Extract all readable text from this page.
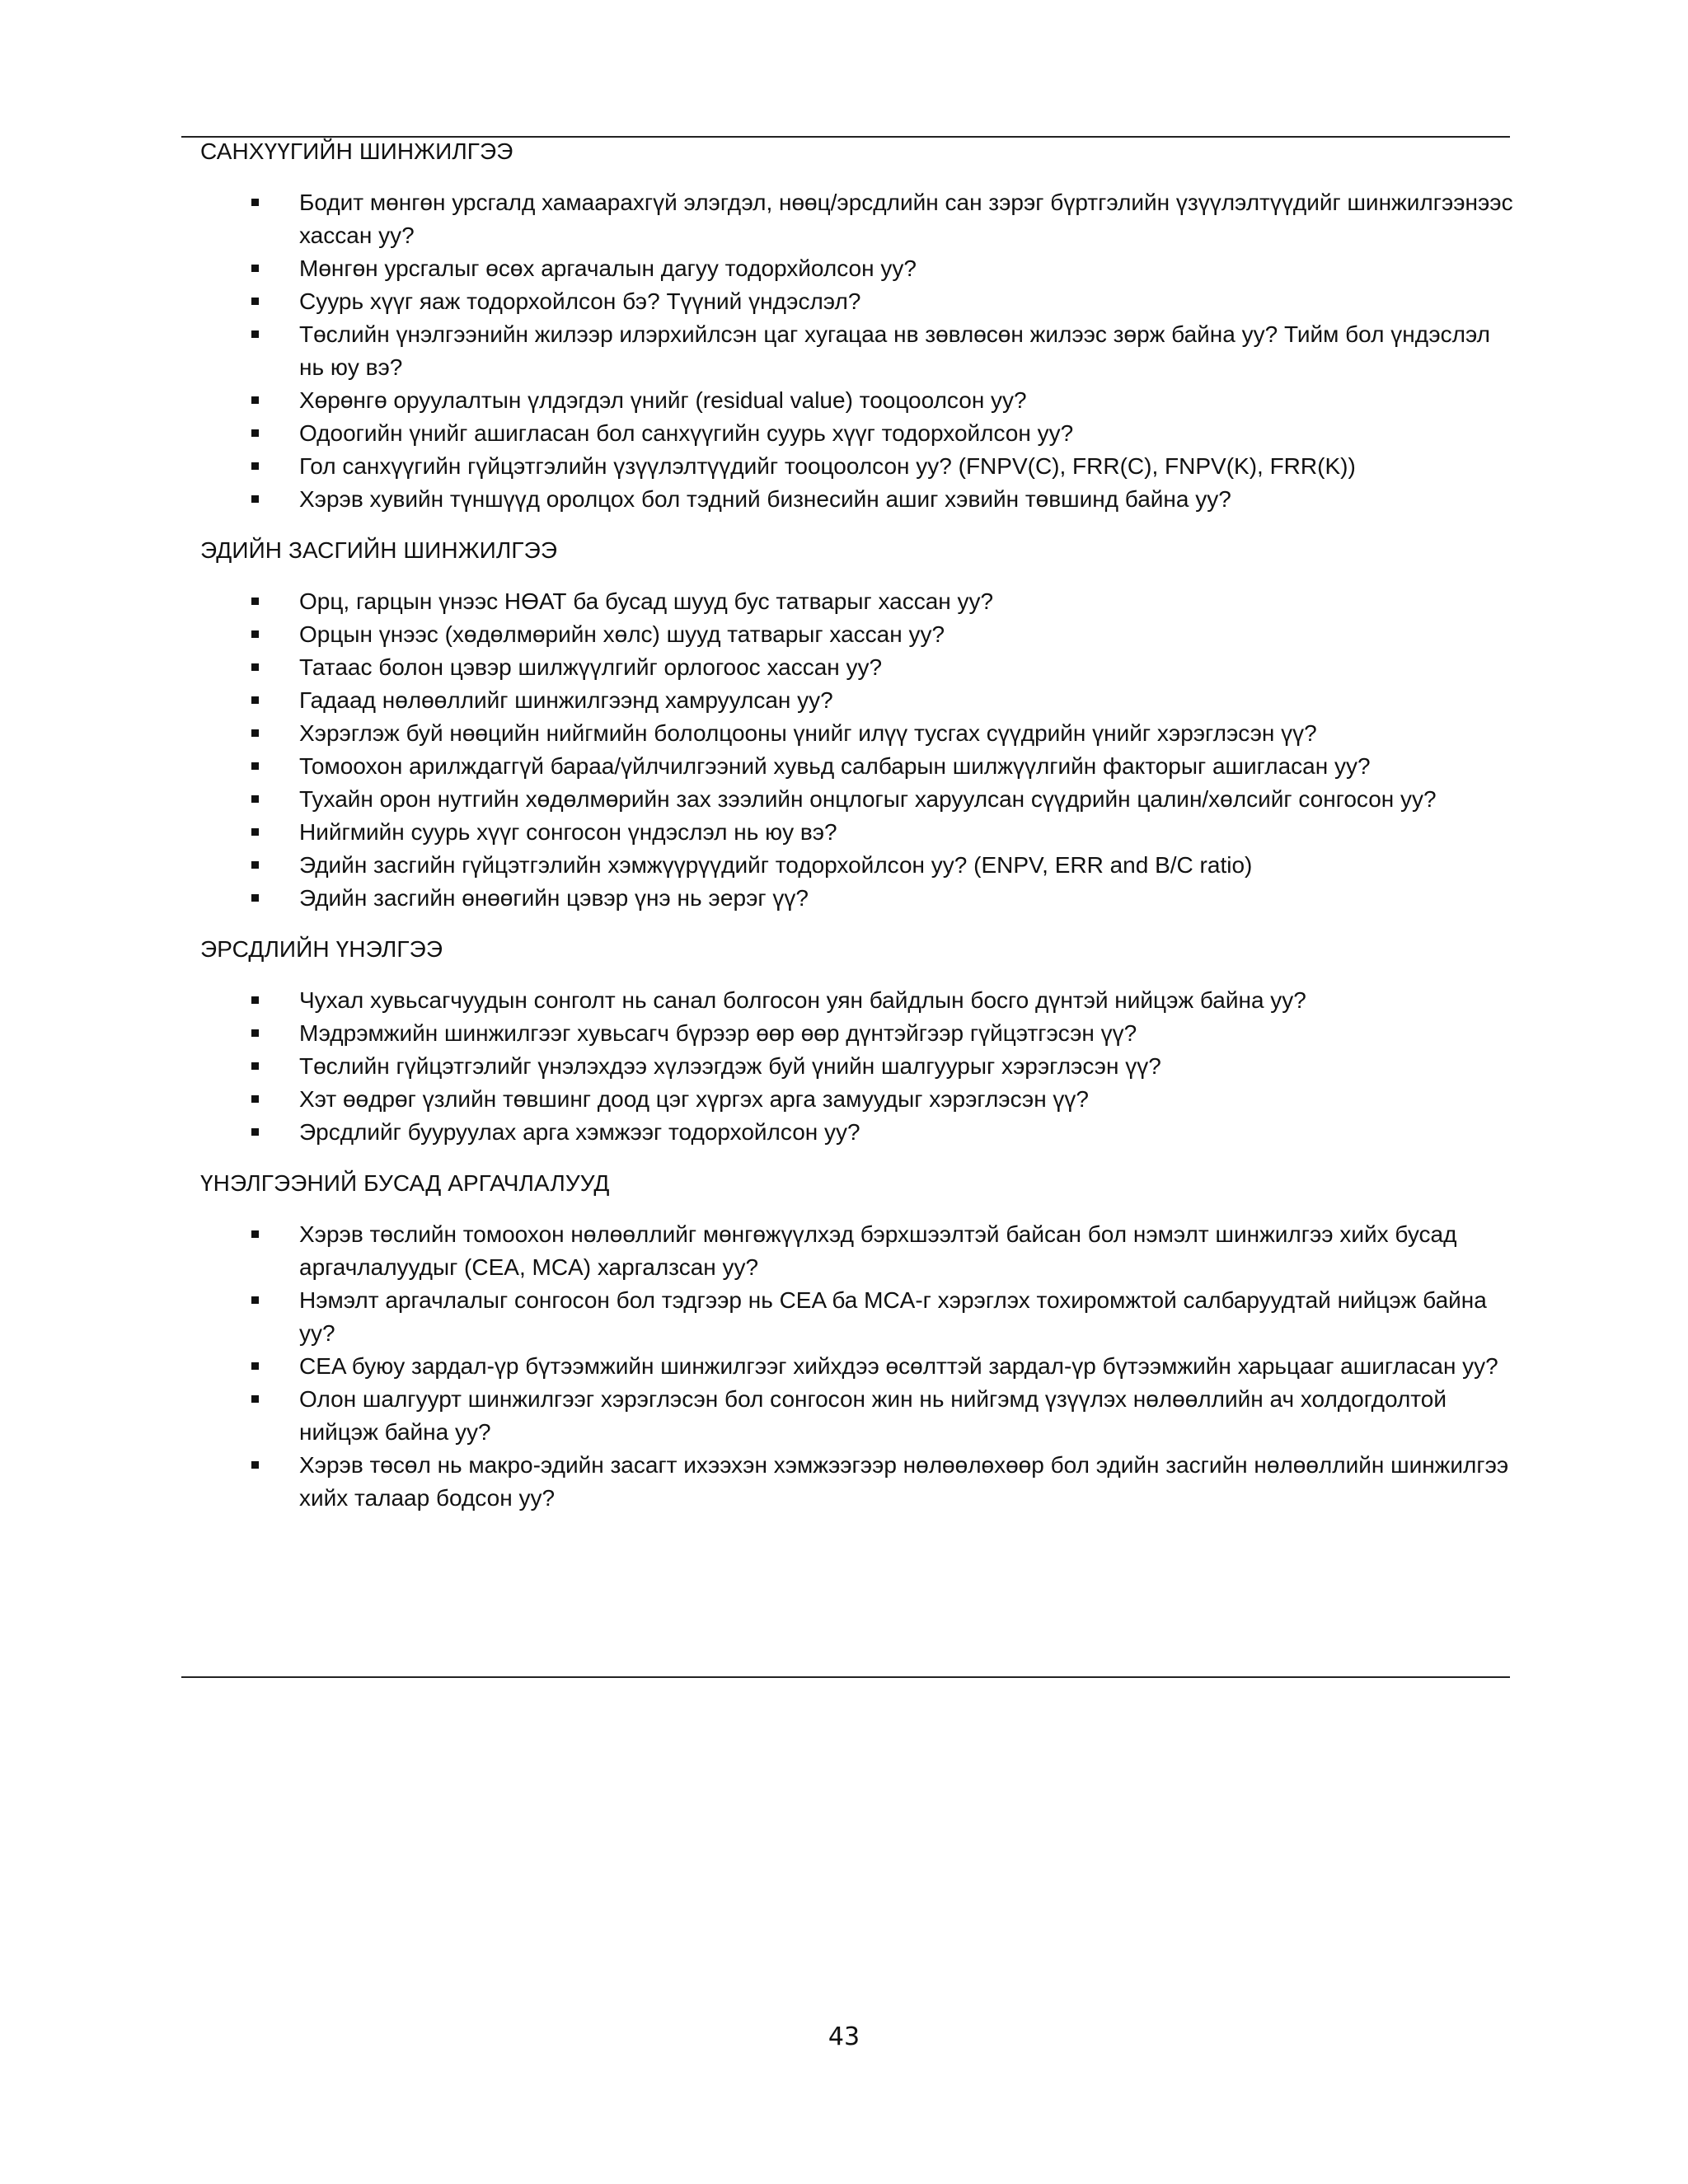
САНХҮҮГИЙН ШИНЖИЛГЭЭ
Бодит мөнгөн урсгалд хамаарахгүй элэгдэл, нөөц/эрсдлийн сан зэрэг бүртгэлийн үзүүлэлтүүдийг шинжилгээнээс хассан уу?
Мөнгөн урсгалыг өсөх аргачалын дагуу тодорхйолсон уу?
Суурь хүүг яаж тодорхойлсон бэ? Түүний үндэслэл?
Төслийн үнэлгээнийн жилээр илэрхийлсэн цаг хугацаа нв зөвлөсөн жилээс зөрж байна уу? Тийм бол үндэслэл нь юу вэ?
Хөрөнгө оруулалтын үлдэгдэл үнийг (residual value) тооцоолсон уу?
Одоогийн үнийг ашигласан бол санхүүгийн суурь хүүг тодорхойлсон уу?
Гол санхүүгийн гүйцэтгэлийн үзүүлэлтүүдийг тооцоолсон уу? (FNPV(C), FRR(C), FNPV(K), FRR(K))
Хэрэв хувийн түншүүд оролцох бол тэдний бизнесийн ашиг хэвийн төвшинд байна уу?
ЭДИЙН ЗАСГИЙН ШИНЖИЛГЭЭ
Орц, гарцын үнээс НӨАТ ба бусад шууд бус татварыг хассан уу?
Орцын үнээс (хөдөлмөрийн хөлс) шууд татварыг хассан уу?
Татаас болон цэвэр шилжүүлгийг орлогоос хассан уу?
Гадаад нөлөөллийг шинжилгээнд хамруулсан уу?
Хэрэглэж буй нөөцийн нийгмийн бололцооны үнийг илүү тусгах сүүдрийн үнийг хэрэглэсэн үү?
Томоохон арилждаггүй бараа/үйлчилгээний хувьд салбарын шилжүүлгийн факторыг ашигласан уу?
Тухайн орон нутгийн хөдөлмөрийн зах зээлийн онцлогыг харуулсан сүүдрийн цалин/хөлсийг сонгосон уу?
Нийгмийн суурь хүүг сонгосон үндэслэл нь юу вэ?
Эдийн засгийн гүйцэтгэлийн хэмжүүрүүдийг тодорхойлсон уу? (ENPV, ERR and B/C ratio)
Эдийн засгийн өнөөгийн цэвэр үнэ нь эерэг үү?
ЭРСДЛИЙН ҮНЭЛГЭЭ
Чухал хувьсагчуудын сонголт нь санал болгосон уян байдлын босго дүнтэй нийцэж байна уу?
Мэдрэмжийн шинжилгээг хувьсагч бүрээр өөр өөр дүнтэйгээр гүйцэтгэсэн үү?
Төслийн гүйцэтгэлийг үнэлэхдээ хүлээгдэж буй үнийн шалгуурыг хэрэглэсэн үү?
Хэт өөдрөг үзлийн төвшинг доод цэг хүргэх арга замуудыг хэрэглэсэн үү?
Эрсдлийг бууруулах арга хэмжээг тодорхойлсон уу?
ҮНЭЛГЭЭНИЙ БУСАД АРГАЧЛАЛУУД
Хэрэв төслийн томоохон нөлөөллийг мөнгөжүүлхэд бэрхшээлтэй байсан бол нэмэлт шинжилгээ хийх бусад аргачлалуудыг (CEA, MCA) харгалзсан уу?
Нэмэлт аргачлалыг сонгосон бол тэдгээр нь CEA ба MCA-г хэрэглэх тохиромжтой салбаруудтай нийцэж байна уу?
CEA буюу зардал-үр бүтээмжийн шинжилгээг хийхдээ өсөлттэй зардал-үр бүтээмжийн харьцааг ашигласан уу?
Олон шалгуурт шинжилгээг хэрэглэсэн бол сонгосон жин нь нийгэмд үзүүлэх нөлөөллийн ач холдогдолтой нийцэж байна уу?
Хэрэв төсөл нь макро-эдийн засагт ихээхэн хэмжээгээр нөлөөлөхөөр бол эдийн засгийн нөлөөллийн шинжилгээ хийх талаар бодсон уу?
43
